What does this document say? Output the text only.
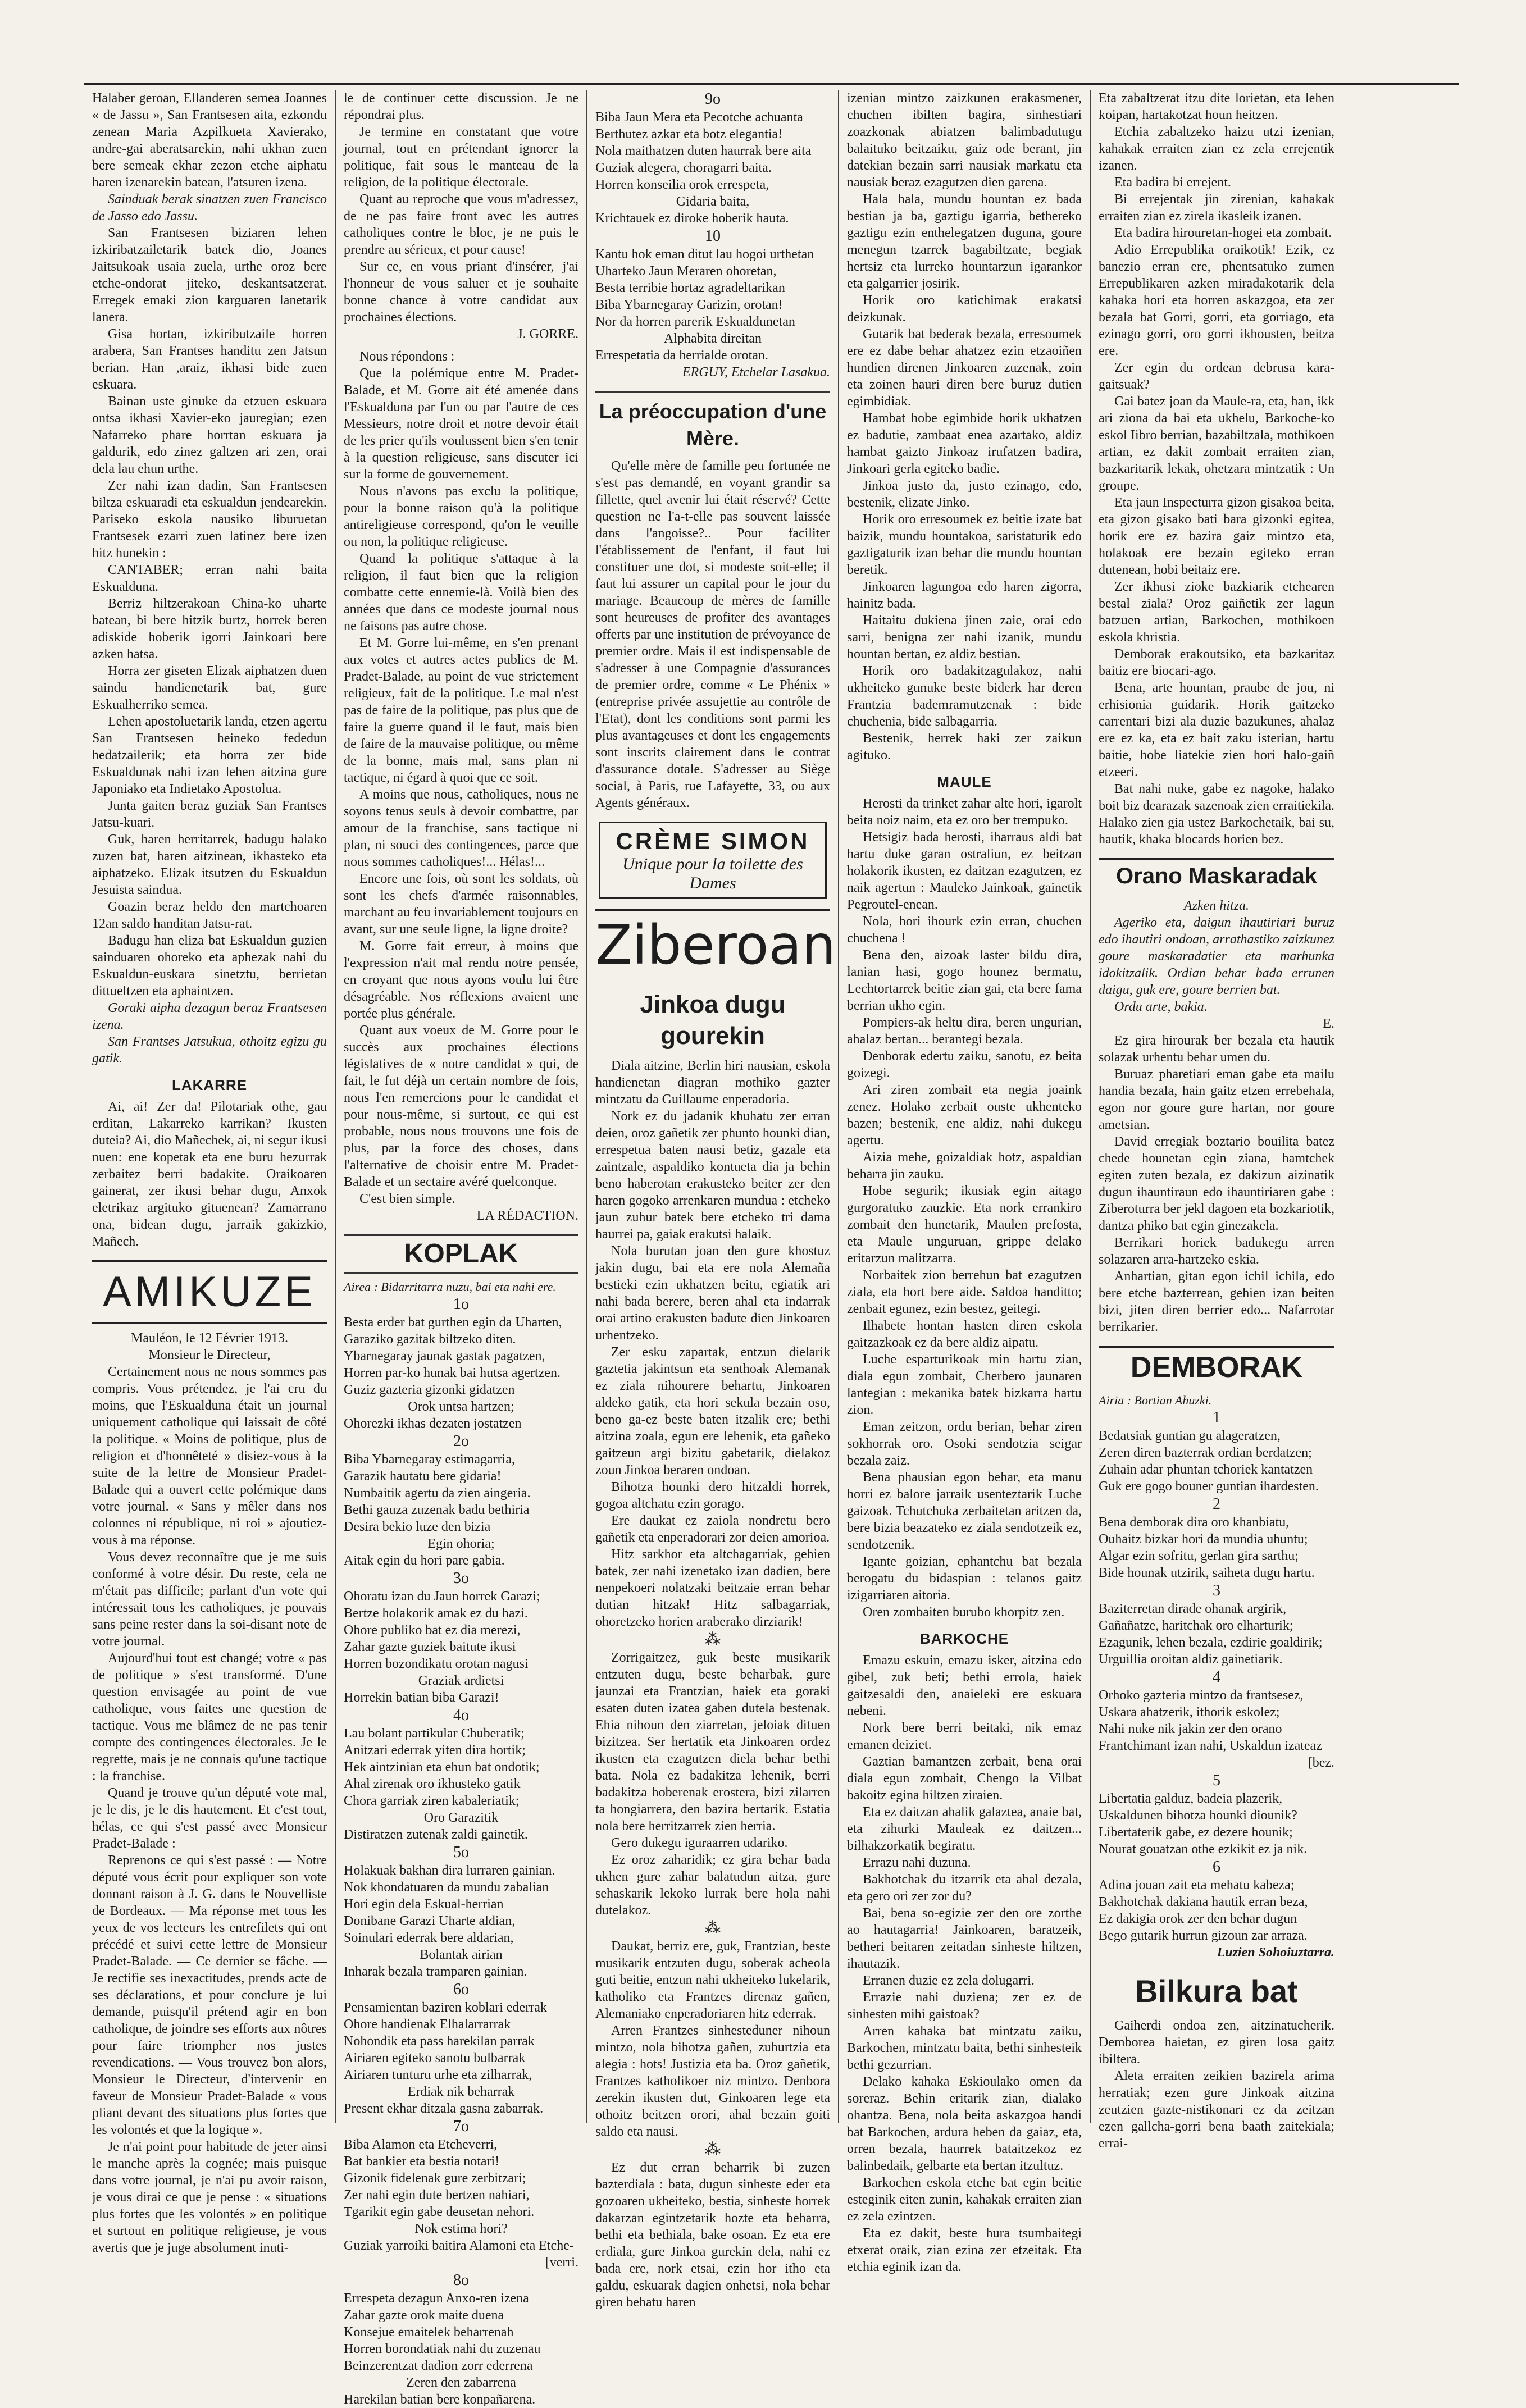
Halaber geroan, Ellanderen semea Joannes « de Jassu », San Frantsesen aita, ezkondu zenean Maria Azpilkueta Xavierako, andre-gai aberatsarekin, nahi ukhan zuen bere semeak ekhar zezon etche aiphatu haren izenarekin batean, l'atsuren izena.

Sainduak berak sinatzen zuen Francisco de Jasso edo Jassu.

San Frantsesen biziaren lehen izkiribatzailetarik batek dio, Joanes Jaitsukoak usaia zuela, urthe oroz bere etche-ondorat jiteko, deskantsatzerat. Erregek emaki zion karguaren lanetarik lanera.

Gisa hortan, izkiributzaile horren arabera, San Frantses handitu zen Jatsun berian. Han ,araiz, ikhasi bide zuen eskuara.

Bainan uste ginuke da etzuen eskuara ontsa ikhasi Xavier-eko jauregian; ezen Nafarreko phare horrtan eskuara ja galdurik, edo zinez galtzen ari zen, orai dela lau ehun urthe.

Zer nahi izan dadin, San Frantsesen biltza eskuaradi eta eskualdun jendearekin. Pariseko eskola nausiko liburuetan Frantsesek ezarri zuen latinez bere izen hitz hunekin :

CANTABER; erran nahi baita Eskualduna.

Berriz hiltzerakoan China-ko uharte batean, bi bere hitzik burtz, horrek beren adiskide hoberik igorri Jainkoari bere azken hatsa.

Horra zer giseten Elizak aiphatzen duen saindu handienetarik bat, gure Eskualherriko semea.

Lehen apostoluetarik landa, etzen agertu San Frantsesen heineko fededun hedatzailerik; eta horra zer bide Eskualdunak nahi izan lehen aitzina gure Japoniako eta Indietako Apostolua.

Junta gaiten beraz guziak San Frantses Jatsu-kuari.

Guk, haren herritarrek, badugu halako zuzen bat, haren aitzinean, ikhasteko eta aiphatzeko. Elizak itsutzen du Eskualdun Jesuista saindua.

Goazin beraz heldo den martchoaren 12an saldo handitan Jatsu-rat.

Badugu han eliza bat Eskualdun guzien sainduaren ohoreko eta aphezak nahi du Eskualdun-euskara sinetztu, berrietan dittueltzen eta aphaintzen.

Goraki aipha dezagun beraz Frantsesen izena.

San Frantses Jatsukua, othoitz egizu gu gatik.

LAKARRE

Ai, ai! Zer da! Pilotariak othe, gau erditan, Lakarreko karrikan? Ikusten duteia? Ai, dio Mañechek, ai, ni segur ikusi nuen: ene kopetak eta ene buru hezurrak zerbaitez berri badakite. Oraikoaren gainerat, zer ikusi behar dugu, Anxok eletrikaz argituko gituenean? Zamarrano ona, bidean dugu, jarraik gakizkio, Mañech.

AMIKUZE

Mauléon, le 12 Février 1913.

Monsieur le Directeur,

Certainement nous ne nous sommes pas compris. Vous prétendez, je l'ai cru du moins, que l'Eskualduna était un journal uniquement catholique qui laissait de côté la politique. « Moins de politique, plus de religion et d'honnêteté » disiez-vous à la suite de la lettre de Monsieur Pradet-Balade qui a ouvert cette polémique dans votre journal. « Sans y mêler dans nos colonnes ni république, ni roi » ajoutiez-vous à ma réponse.

Vous devez reconnaître que je me suis conformé à votre désir. Du reste, cela ne m'était pas difficile; parlant d'un vote qui intéressait tous les catholiques, je pouvais sans peine rester dans la soi-disant note de votre journal.

Aujourd'hui tout est changé; votre « pas de politique » s'est transformé. D'une question envisagée au point de vue catholique, vous faites une question de tactique. Vous me blâmez de ne pas tenir compte des contingences électorales. Je le regrette, mais je ne connais qu'une tactique : la franchise.

Quand je trouve qu'un député vote mal, je le dis, je le dis hautement. Et c'est tout, hélas, ce qui s'est passé avec Monsieur Pradet-Balade :

Reprenons ce qui s'est passé : — Notre député vous écrit pour expliquer son vote donnant raison à J. G. dans le Nouvelliste de Bordeaux. — Ma réponse met tous les yeux de vos lecteurs les entrefilets qui ont précédé et suivi cette lettre de Monsieur Pradet-Balade. — Ce dernier se fâche. — Je rectifie ses inexactitudes, prends acte de ses déclarations, et pour conclure je lui demande, puisqu'il prétend agir en bon catholique, de joindre ses efforts aux nôtres pour faire triompher nos justes revendications. — Vous trouvez bon alors, Monsieur le Directeur, d'intervenir en faveur de Monsieur Pradet-Balade « vous pliant devant des situations plus fortes que les volontés et que la logique ».

Je n'ai point pour habitude de jeter ainsi le manche après la cognée; mais puisque dans votre journal, je n'ai pu avoir raison, je vous dirai ce que je pense : « situations plus fortes que les volontés » en politique et surtout en politique religieuse, je vous avertis que je juge absolument inuti-

le de continuer cette discussion. Je ne répondrai plus.

Je termine en constatant que votre journal, tout en prétendant ignorer la politique, fait sous le manteau de la religion, de la politique électorale.

Quant au reproche que vous m'adressez, de ne pas faire front avec les autres catholiques contre le bloc, je ne puis le prendre au sérieux, et pour cause!

Sur ce, en vous priant d'insérer, j'ai l'honneur de vous saluer et je souhaite bonne chance à votre candidat aux prochaines élections.

J. GORRE.

Nous répondons :

Que la polémique entre M. Pradet-Balade, et M. Gorre ait été amenée dans l'Eskualduna par l'un ou par l'autre de ces Messieurs, notre droit et notre devoir était de les prier qu'ils voulussent bien s'en tenir à la question religieuse, sans discuter ici sur la forme de gouvernement.

Nous n'avons pas exclu la politique, pour la bonne raison qu'à la politique antireligieuse correspond, qu'on le veuille ou non, la politique religieuse.

Quand la politique s'attaque à la religion, il faut bien que la religion combatte cette ennemie-là. Voilà bien des années que dans ce modeste journal nous ne faisons pas autre chose.

Et M. Gorre lui-même, en s'en prenant aux votes et autres actes publics de M. Pradet-Balade, au point de vue strictement religieux, fait de la politique. Le mal n'est pas de faire de la politique, pas plus que de faire la guerre quand il le faut, mais bien de faire de la mauvaise politique, ou même de la bonne, mais mal, sans plan ni tactique, ni égard à quoi que ce soit.

A moins que nous, catholiques, nous ne soyons tenus seuls à devoir combattre, par amour de la franchise, sans tactique ni plan, ni souci des contingences, parce que nous sommes catholiques!... Hélas!...

Encore une fois, où sont les soldats, où sont les chefs d'armée raisonnables, marchant au feu invariablement toujours en avant, sur une seule ligne, la ligne droite?

M. Gorre fait erreur, à moins que l'expression n'ait mal rendu notre pensée, en croyant que nous ayons voulu lui être désagréable. Nos réflexions avaient une portée plus générale.

Quant aux voeux de M. Gorre pour le succès aux prochaines élections législatives de « notre candidat » qui, de fait, le fut déjà un certain nombre de fois, nous l'en remercions pour le candidat et pour nous-même, si surtout, ce qui est probable, nous nous trouvons une fois de plus, par la force des choses, dans l'alternative de choisir entre M. Pradet-Balade et un sectaire avéré quelconque.

C'est bien simple.

LA RÉDACTION.

KOPLAK

Airea : Bidarritarra nuzu, bai eta nahi ere.

1o
Besta erder bat gurthen egin da Uharten,
Garaziko gazitak biltzeko diten.
Ybarnegaray jaunak gastak pagatzen,
Horren par-ko hunak bai hutsa agertzen.
Guziz gazteria gizonki gidatzen
Orok untsa hartzen;
Ohorezki ikhas dezaten jostatzen
2o
Biba Ybarnegaray estimagarria,
Garazik hautatu bere gidaria!
Numbaitik agertu da zien aingeria.
Bethi gauza zuzenak badu bethiria
Desira bekio luze den bizia
Egin ohoria;
Aitak egin du hori pare gabia.
3o
Ohoratu izan du Jaun horrek Garazi;
Bertze holakorik amak ez du hazi.
Ohore publiko bat ez dia merezi,
Zahar gazte guziek baitute ikusi
Horren bozondikatu orotan nagusi
Graziak ardietsi
Horrekin batian biba Garazi!
4o
Lau bolant partikular Chuberatik;
Anitzari ederrak yiten dira hortik;
Hek aintzinian eta ehun bat ondotik;
Ahal zirenak oro ikhusteko gatik
Chora garriak ziren kabaleriatik;
Oro Garazitik
Distiratzen zutenak zaldi gainetik.
5o
Holakuak bakhan dira lurraren gainian.
Nok khondatuaren da mundu zabalian
Hori egin dela Eskual-herrian
Donibane Garazi Uharte aldian,
Soinulari ederrak bere aldarian,
Bolantak airian
Inharak bezala tramparen gainian.
6o
Pensamientan baziren koblari ederrak
Ohore handienak Elhalarrarrak
Nohondik eta pass harekilan parrak
Airiaren egiteko sanotu bulbarrak
Airiaren tunturu urhe eta zilharrak,
Erdiak nik beharrak
Present ekhar ditzala gasna zabarrak.
7o
Biba Alamon eta Etcheverri,
Bat bankier eta bestia notari!
Gizonik fidelenak gure zerbitzari;
Zer nahi egin dute bertzen nahiari,
Tgarikit egin gabe deusetan nehori.
Nok estima hori?
Guziak yarroiki baitira Alamoni eta Etche-
[verri.
8o
Errespeta dezagun Anxo-ren izena
Zahar gazte orok maite duena
Konsejue emaitelek beharrenah
Horren borondatiak nahi du zuzenau
Beinzerentzat dadion zorr ederrena
Zeren den zabarrena
Harekilan batian bere konpañarena.
9o
Biba Jaun Mera eta Pecotche achuanta
Berthutez azkar eta botz elegantia!
Nola maithatzen duten haurrak bere aita
Guziak alegera, choragarri baita.
Horren konseilia orok errespeta,
Gidaria baita,
Krichtauek ez diroke hoberik hauta.
10
Kantu hok eman ditut lau hogoi urthetan
Uharteko Jaun Meraren ohoretan,
Besta terribie hortaz agradeltarikan
Biba Ybarnegaray Garizin, orotan!
Nor da horren parerik Eskualdunetan
Alphabita direitan
Errespetatia da herrialde orotan.

ERGUY, Etchelar Lasakua.

La préoccupation d'une Mère.

Qu'elle mère de famille peu fortunée ne s'est pas demandé, en voyant grandir sa fillette, quel avenir lui était réservé? Cette question ne l'a-t-elle pas souvent laissée dans l'angoisse?.. Pour faciliter l'établissement de l'enfant, il faut lui constituer une dot, si modeste soit-elle; il faut lui assurer un capital pour le jour du mariage. Beaucoup de mères de famille sont heureuses de profiter des avantages offerts par une institution de prévoyance de premier ordre. Mais il est indispensable de s'adresser à une Compagnie d'assurances de premier ordre, comme « Le Phénix » (entreprise privée assujettie au contrôle de l'Etat), dont les conditions sont parmi les plus avantageuses et dont les engagements sont inscrits clairement dans le contrat d'assurance dotale. S'adresser au Siège social, à Paris, rue Lafayette, 33, ou aux Agents généraux.

CRÈME SIMON
Unique pour la toilette des Dames
Ziberoan
Jinkoa dugu gourekin

Diala aitzine, Berlin hiri nausian, eskola handienetan diagran mothiko gazter mintzatu da Guillaume enperadoria.

Nork ez du jadanik khuhatu zer erran deien, oroz gañetik zer phunto hounki dian, errespetua baten nausi betiz, gazale eta zaintzale, aspaldiko kontueta dia ja behin beno haberotan erakusteko beiter zer den haren gogoko arrenkaren mundua : etcheko jaun zuhur batek bere etcheko tri dama haurrei pa, gaiak erakutsi halaik.

Nola burutan joan den gure khostuz jakin dugu, bai eta ere nola Alemaña bestieki ezin ukhatzen beitu, egiatik ari nahi bada berere, beren ahal eta indarrak orai artino erakusten badute dien Jinkoaren urhentzeko.

Zer esku zapartak, entzun dielarik gaztetia jakintsun eta senthoak Alemanak ez ziala nihourere behartu, Jinkoaren aldeko gatik, eta hori sekula bezain oso, beno ga-ez beste baten itzalik ere; bethi aitzina zoala, egun ere lehenik, eta gañeko gaitzeun argi bizitu gabetarik, dielakoz zoun Jinkoa beraren ondoan.

Bihotza hounki dero hitzaldi horrek, gogoa altchatu ezin gorago.

Ere daukat ez zaiola nondretu bero gañetik eta enperadorari zor deien amorioa.

Hitz sarkhor eta altchagarriak, gehien batek, zer nahi izenetako izan dadien, bere nenpekoeri nolatzaki beitzaie erran behar dutian hitzak! Hitz salbagarriak, ohoretzeko horien araberako dirziarik!

⁂

Zorrigaitzez, guk beste musikarik entzuten dugu, beste beharbak, gure jaunzai eta Frantzian, haiek eta goraki esaten duten izatea gaben dutela bestenak. Ehia nihoun den ziarretan, jeloiak dituen bizitzea. Ser hertatik eta Jinkoaren ordez ikusten eta ezagutzen diela behar bethi bata. Nola ez badakitza lehenik, berri badakitza hoberenak erostera, bizi zilarren ta hongiarrera, den bazira bertarik. Estatia nola bere herritzarrek zien herria.

Gero dukegu iguraarren udariko.

Ez oroz zaharidik; ez gira behar bada ukhen gure zahar balatudun aitza, gure sehaskarik lekoko lurrak bere hola nahi dutelakoz.

⁂

Daukat, berriz ere, guk, Frantzian, beste musikarik entzuten dugu, soberak acheola guti beitie, entzun nahi ukheiteko lukelarik, katholiko eta Frantzes direnaz gañen, Alemaniako enperadoriaren hitz ederrak.

Arren Frantzes sinhesteduner nihoun mintzo, nola bihotza gañen, zuhurtzia eta alegia : hots! Justizia eta ba. Oroz gañetik, Frantzes katholikoer niz mintzo. Denbora zerekin ikusten dut, Ginkoaren lege eta othoitz beitzen orori, ahal bezain goiti saldo eta nausi.

⁂

Ez dut erran beharrik bi zuzen bazterdiala : bata, dugun sinheste eder eta gozoaren ukheiteko, bestia, sinheste horrek dakarzan egintzetarik hozte eta beharra, bethi eta bethiala, bake osoan. Ez eta ere erdiala, gure Jinkoa gurekin dela, nahi ez bada ere, nork etsai, ezin hor itho eta galdu, eskuarak dagien onhetsi, nola behar giren behatu haren

izenian mintzo zaizkunen erakasmener, chuchen ibilten bagira, sinhestiari zoazkonak abiatzen balimbadutugu balaituko beitzaiku, gaiz ode berant, jin datekian bezain sarri nausiak markatu eta nausiak beraz ezagutzen dien garena.

Hala hala, mundu hountan ez bada bestian ja ba, gaztigu igarria, bethereko gaztigu ezin enthelegatzen duguna, goure menegun tzarrek bagabiltzate, begiak hertsiz eta lurreko hountarzun igarankor eta galgarrier josirik.

Horik oro katichimak erakatsi deizkunak.

Gutarik bat bederak bezala, erresoumek ere ez dabe behar ahatzez ezin etzaoiñen hundien direnen Jinkoaren zuzenak, zoin eta zoinen hauri diren bere buruz dutien egimbidiak.

Hambat hobe egimbide horik ukhatzen ez badutie, zambaat enea azartako, aldiz hambat gaizto Jinkoaz irufatzen badira, Jinkoari gerla egiteko badie.

Jinkoa justo da, justo ezinago, edo, bestenik, elizate Jinko.

Horik oro erresoumek ez beitie izate bat baizik, mundu hountakoa, saristaturik edo gaztigaturik izan behar die mundu hountan beretik.

Jinkoaren lagungoa edo haren zigorra, hainitz bada.

Haitaitu dukiena jinen zaie, orai edo sarri, benigna zer nahi izanik, mundu hountan bertan, ez aldiz bestian.

Horik oro badakitzagulakoz, nahi ukheiteko gunuke beste biderk har deren Frantzia bademramutzenak : bide chuchenia, bide salbagarria.

Bestenik, herrek haki zer zaikun agituko.

MAULE

Herosti da trinket zahar alte hori, igarolt beita noiz naim, eta ez oro ber trempuko.

Hetsigiz bada herosti, iharraus aldi bat hartu duke garan ostraliun, ez beitzan holakorik ikusten, ez daitzan ezagutzen, ez naik agertun : Mauleko Jainkoak, gainetik Pegroutel-enean.

Nola, hori ihourk ezin erran, chuchen chuchena !

Bena den, aizoak laster bildu dira, lanian hasi, gogo hounez bermatu, Lechtortarrek beitie zian gai, eta bere fama berrian ukho egin.

Pompiers-ak heltu dira, beren ungurian, ahalaz bertan... berantegi bezala.

Denborak edertu zaiku, sanotu, ez beita goizegi.

Ari ziren zombait eta negia joaink zenez. Holako zerbait ouste ukhenteko bazen; bestenik, ene aldiz, nahi dukegu agertu.

Aizia mehe, goizaldiak hotz, aspaldian beharra jin zauku.

Hobe segurik; ikusiak egin aitago gurgoratuko zauzkie. Eta nork errankiro zombait den hunetarik, Maulen prefosta, eta Maule unguruan, grippe delako eritarzun malitzarra.

Norbaitek zion berrehun bat ezagutzen ziala, eta hort bere aide. Saldoa handitto; zenbait egunez, ezin bestez, geitegi.

Ilhabete hontan hasten diren eskola gaitzazkoak ez da bere aldiz aipatu.

Luche esparturikoak min hartu zian, diala egun zombait, Cherbero jaunaren lantegian : mekanika batek bizkarra hartu zion.

Eman zeitzon, ordu berian, behar ziren sokhorrak oro. Osoki sendotzia seigar bezala zaiz.

Bena phausian egon behar, eta manu horri ez balore jarraik usenteztarik Luche gaizoak. Tchutchuka zerbaitetan aritzen da, bere bizia beazateko ez ziala sendotzeik ez, sendotzenik.

Igante goizian, ephantchu bat bezala berogatu du bidaspian : telanos gaitz izigarriaren aitoria.

Oren zombaiten burubo khorpitz zen.

BARKOCHE

Emazu eskuin, emazu isker, aitzina edo gibel, zuk beti; bethi errola, haiek gaitzesaldi den, anaieleki ere eskuara nebeni.

Nork bere berri beitaki, nik emaz emanen deiziet.

Gaztian bamantzen zerbait, bena orai diala egun zombait, Chengo la Vilbat bakoitz egina hiltzen ziraien.

Eta ez daitzan ahalik galaztea, anaie bat, eta zihurki Mauleak ez daitzen... bilhakzorkatik begiratu.

Errazu nahi duzuna.

Bakhotchak du itzarrik eta ahal dezala, eta gero ori zer zor du?

Bai, bena so-egizie zer den ore zorthe ao hautagarria! Jainkoaren, baratzeik, betheri beitaren zeitadan sinheste hiltzen, ihautazik.

Erranen duzie ez zela dolugarri.

Errazie nahi duziena; zer ez de sinhesten mihi gaistoak?

Arren kahaka bat mintzatu zaiku, Barkochen, mintzatu baita, bethi sinhesteik bethi gezurrian.

Delako kahaka Eskioulako omen da soreraz. Behin eritarik zian, dialako ohantza. Bena, nola beita askazgoa handi bat Barkochen, ardura heben da gaiaz, eta, orren bezala, haurrek bataitzekoz ez balinbedaik, gelbarte eta bertan itzultuz.

Barkochen eskola etche bat egin beitie esteginik eiten zunin, kahakak erraiten zian ez zela ezintzen.

Eta ez dakit, beste hura tsumbaitegi etxerat oraik, zian ezina zer etzeitak. Eta etchia eginik izan da.

Eta zabaltzerat itzu dite lorietan, eta lehen koipan, hartakotzat houn heitzen.

Etchia zabaltzeko haizu utzi izenian, kahakak erraiten zian ez zela errejentik izanen.

Eta badira bi errejent.

Bi errejentak jin zirenian, kahakak erraiten zian ez zirela ikasleik izanen.

Eta badira hirouretan-hogei eta zombait.

Adio Errepublika oraikotik! Ezik, ez banezio erran ere, phentsatuko zumen Errepublikaren azken miradakotarik dela kahaka hori eta horren askazgoa, eta zer bezala bat Gorri, gorri, eta gorriago, eta ezinago gorri, oro gorri ikhousten, beitza ere.

Zer egin du ordean debrusa kara-gaitsuak?

Gai batez joan da Maule-ra, eta, han, ikk ari ziona da bai eta ukhelu, Barkoche-ko eskol Iibro berrian, bazabiltzala, mothikoen artian, ez dakit zombait erraiten zian, bazkaritarik lekak, ohetzara mintzatik : Un groupe.

Eta jaun Inspecturra gizon gisakoa beita, eta gizon gisako bati bara gizonki egitea, horik ere ez bazira gaiz mintzo eta, holakoak ere bezain egiteko erran dutenean, hobi beitaiz ere.

Zer ikhusi zioke bazkiarik etchearen bestal ziala? Oroz gaiñetik zer lagun batzuen artian, Barkochen, mothikoen eskola khristia.

Demborak erakoutsiko, eta bazkaritaz baitiz ere biocari-ago.

Bena, arte hountan, praube de jou, ni erhisionia guidarik. Horik gaitzeko carrentari bizi ala duzie bazukunes, ahalaz ere ez ka, eta ez bait zaku isterian, hartu baitie, hobe liatekie zien hori halo-gaiñ etzeeri.

Bat nahi nuke, gabe ez nagoke, halako boit biz dearazak sazenoak zien erraitiekila. Halako zien gia ustez Barkochetaik, bai su, hautik, khaka blocards horien bez.

Orano Maskaradak

Azken hitza.

Ageriko eta, daigun ihautiriari buruz edo ihautiri ondoan, arrathastiko zaizkunez goure maskaradatier eta marhunka idokitzalik. Ordian behar bada errunen daigu, guk ere, goure berrien bat.

Ordu arte, bakia.

E.

Ez gira hirourak ber bezala eta hautik solazak urhentu behar umen du.

Buruaz pharetiari eman gabe eta mailu handia bezala, hain gaitz etzen errebehala, egon nor goure gure hartan, nor goure ametsian.

David erregiak boztario bouilita batez chede hounetan egin ziana, hamtchek egiten zuten bezala, ez dakizun aizinatik dugun ihauntiraun edo ihauntiriaren gabe : Ziberoturra ber jekl dagoen eta bozkariotik, dantza phiko bat egin ginezakela.

Berrikari horiek badukegu arren solazaren arra-hartzeko eskia.

Anhartian, gitan egon ichil ichila, edo bere etche bazterrean, gehien izan beiten bizi, jiten diren berrier edo... Nafarrotar berrikarier.

DEMBORAK

Airia : Bortian Ahuzki.

1
Bedatsiak guntian gu alageratzen,
Zeren diren bazterrak ordian berdatzen;
Zuhain adar phuntan tchoriek kantatzen
Guk ere gogo bouner guntian ihardesten.
2
Bena demborak dira oro khanbiatu,
Ouhaitz bizkar hori da mundia uhuntu;
Algar ezin sofritu, gerlan gira sarthu;
Bide hounak utzirik, saiheta dugu hartu.
3
Baziterretan dirade ohanak argirik,
Gañañatze, haritchak oro elharturik;
Ezagunik, lehen bezala, ezdirie goaldirik;
Urguillia oroitan aldiz gainetiarik.
4
Orhoko gazteria mintzo da frantsesez,
Uskara ahatzerik, ithorik eskolez;
Nahi nuke nik jakin zer den orano
Frantchimant izan nahi, Uskaldun izateaz
[bez.
5
Libertatia galduz, badeia plazerik,
Uskaldunen bihotza hounki diounik?
Libertaterik gabe, ez dezere hounik;
Nourat gouatzan othe ezkikit ez ja nik.
6
Adina jouan zait eta mehatu kabeza;
Bakhotchak dakiana hautik erran beza,
Ez dakigia orok zer den behar dugun
Bego gutarik hurrun gizoun zar arraza.

Luzien Sohoiuztarra.

Bilkura bat

Gaiherdi ondoa zen, aitzinatucherik. Demborea haietan, ez giren losa gaitz ibiltera.

Aleta erraiten zeikien bazirela arima herratiak; ezen gure Jinkoak aitzina zeutzien gazte-nistikonari ez da zeitzan ezen gallcha-gorri bena baath zaitekiala; errai-
